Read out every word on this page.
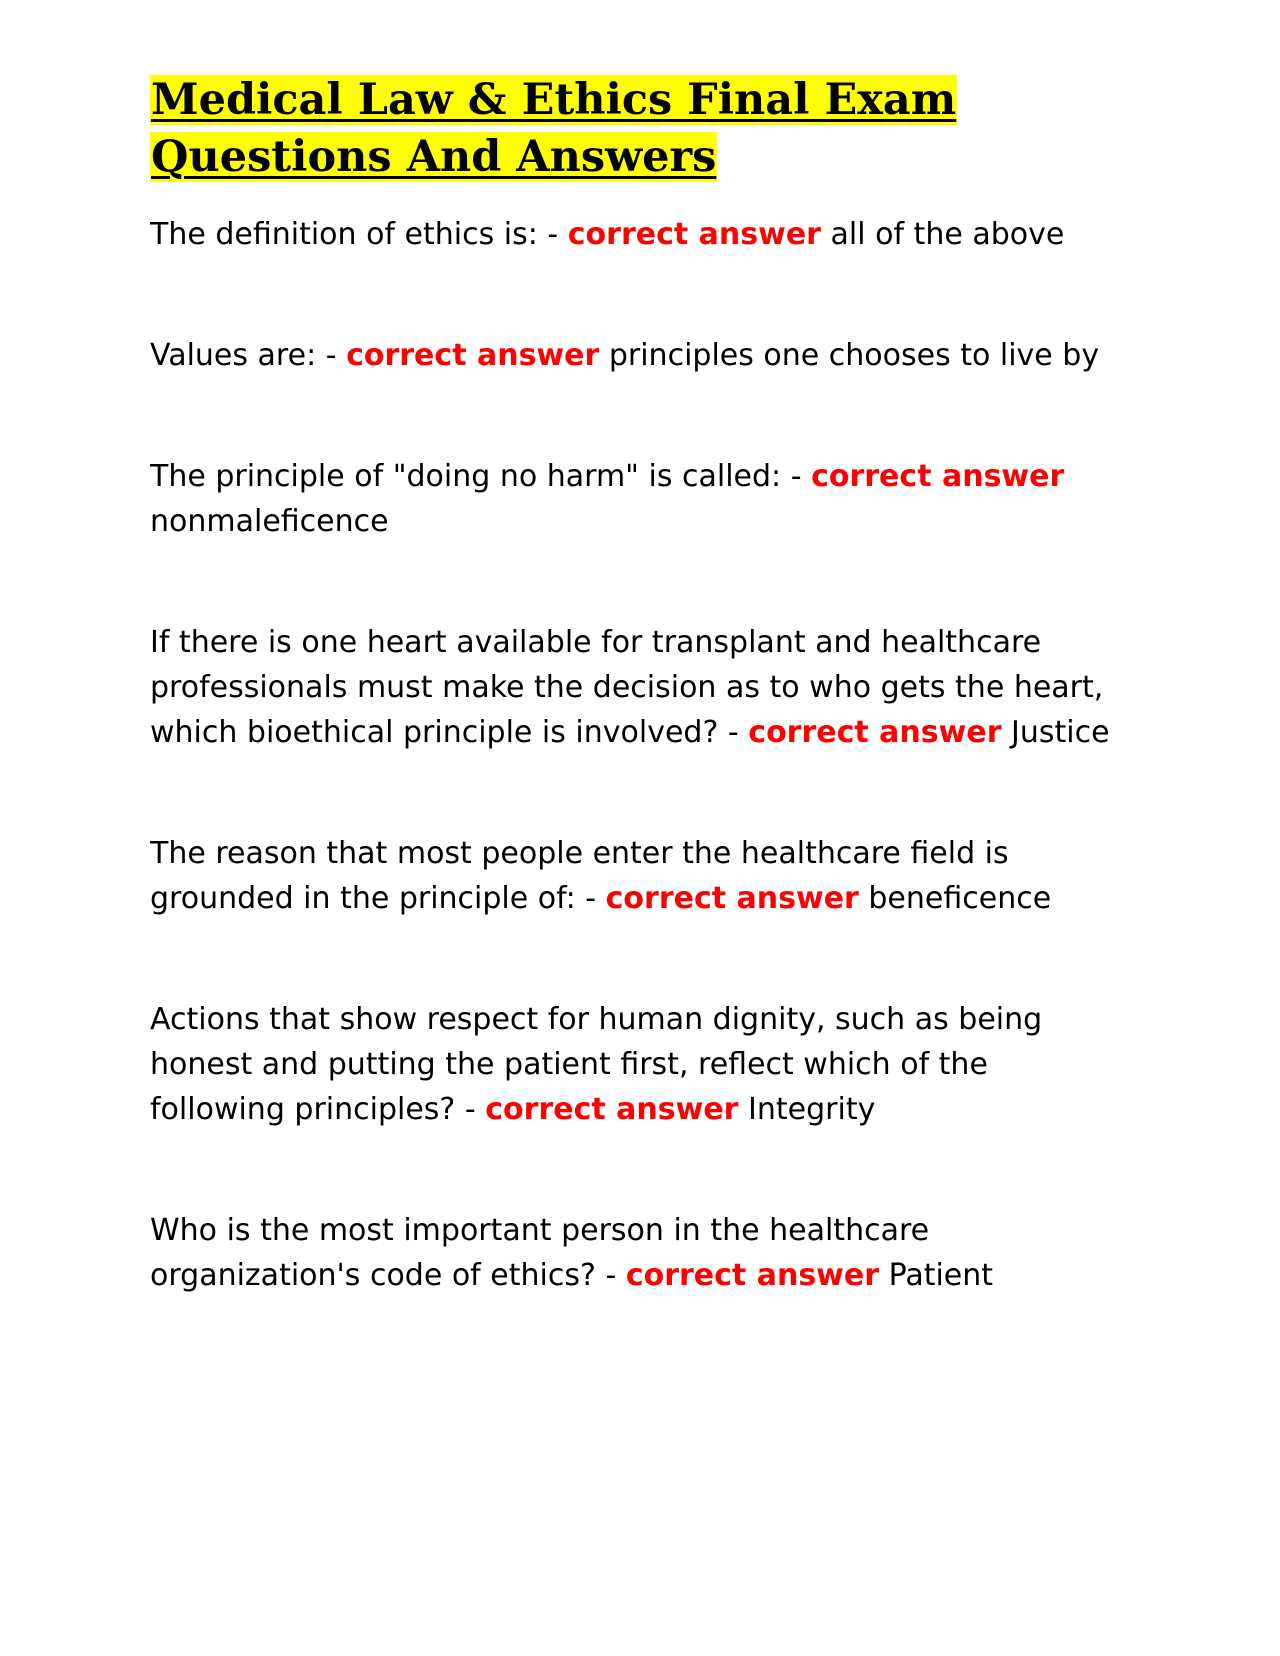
Medical Law & Ethics Final Exam Questions And Answers

The definition of ethics is: - correct answer all of the above

Values are: - correct answer principles one chooses to live by

The principle of "doing no harm" is called: - correct answer nonmaleficence

If there is one heart available for transplant and healthcare professionals must make the decision as to who gets the heart, which bioethical principle is involved? - correct answer Justice

The reason that most people enter the healthcare field is grounded in the principle of: - correct answer beneficence

Actions that show respect for human dignity, such as being honest and putting the patient first, reflect which of the following principles? - correct answer Integrity

Who is the most important person in the healthcare organization's code of ethics? - correct answer Patient
